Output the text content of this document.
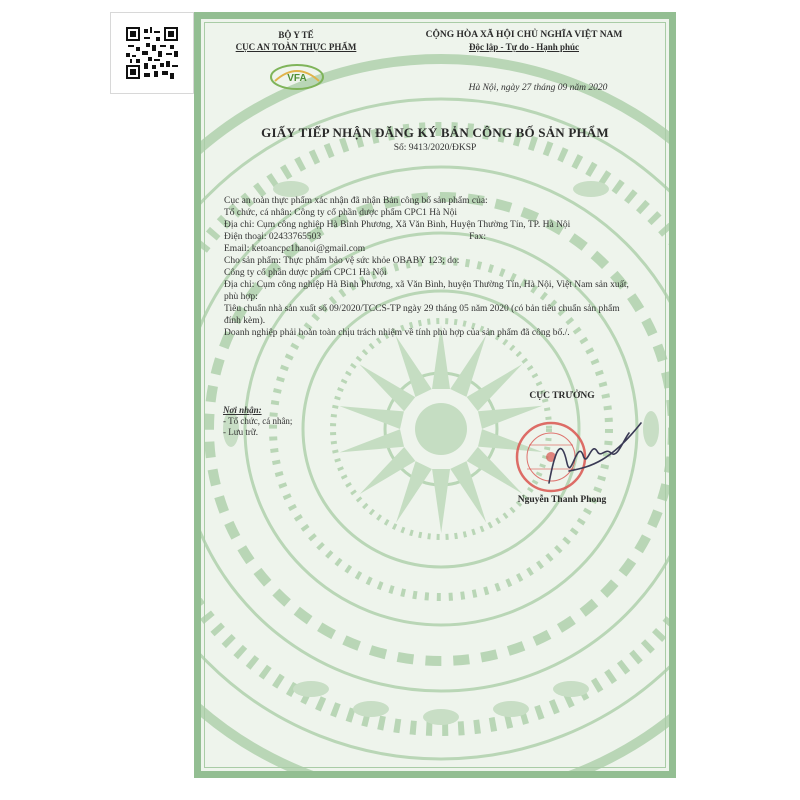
BỘ Y TẾ
CỤC AN TOÀN THỰC PHẨM
VFA
CỘNG HÒA XÃ HỘI CHỦ NGHĨA VIỆT NAM
Độc lập - Tự do - Hạnh phúc
Hà Nội, ngày 27 tháng 09 năm 2020
GIẤY TIẾP NHẬN ĐĂNG KÝ BẢN CÔNG BỐ SẢN PHẨM
Số: 9413/2020/ĐKSP

Cục an toàn thực phẩm xác nhận đã nhận Bản công bố sản phẩm của:

Tổ chức, cá nhân: Công ty cổ phần dược phẩm CPC1 Hà Nội

Địa chỉ: Cụm công nghiệp Hà Bình Phương, Xã Văn Bình, Huyện Thường Tín, TP. Hà Nội

Điện thoại: 02433765503	Fax:

Email: ketoancpc1hanoi@gmail.com

Cho sản phẩm: Thực phẩm bảo vệ sức khỏe OBABY 123; do:

Công ty cổ phần dược phẩm CPC1 Hà Nội

Địa chỉ: Cụm công nghiệp Hà Bình Phương, xã Văn Bình, huyện Thường Tín, Hà Nội, Việt Nam sản xuất, phù hợp:

Tiêu chuẩn nhà sản xuất số 09/2020/TCCS-TP ngày 29 tháng 05 năm 2020 (có bản tiêu chuẩn sản phẩm đính kèm).

Doanh nghiệp phải hoàn toàn chịu trách nhiệm về tính phù hợp của sản phẩm đã công bố./.

Nơi nhận:
- Tổ chức, cá nhân;
- Lưu trữ.
CỤC TRƯỞNG
Nguyễn Thanh Phong
